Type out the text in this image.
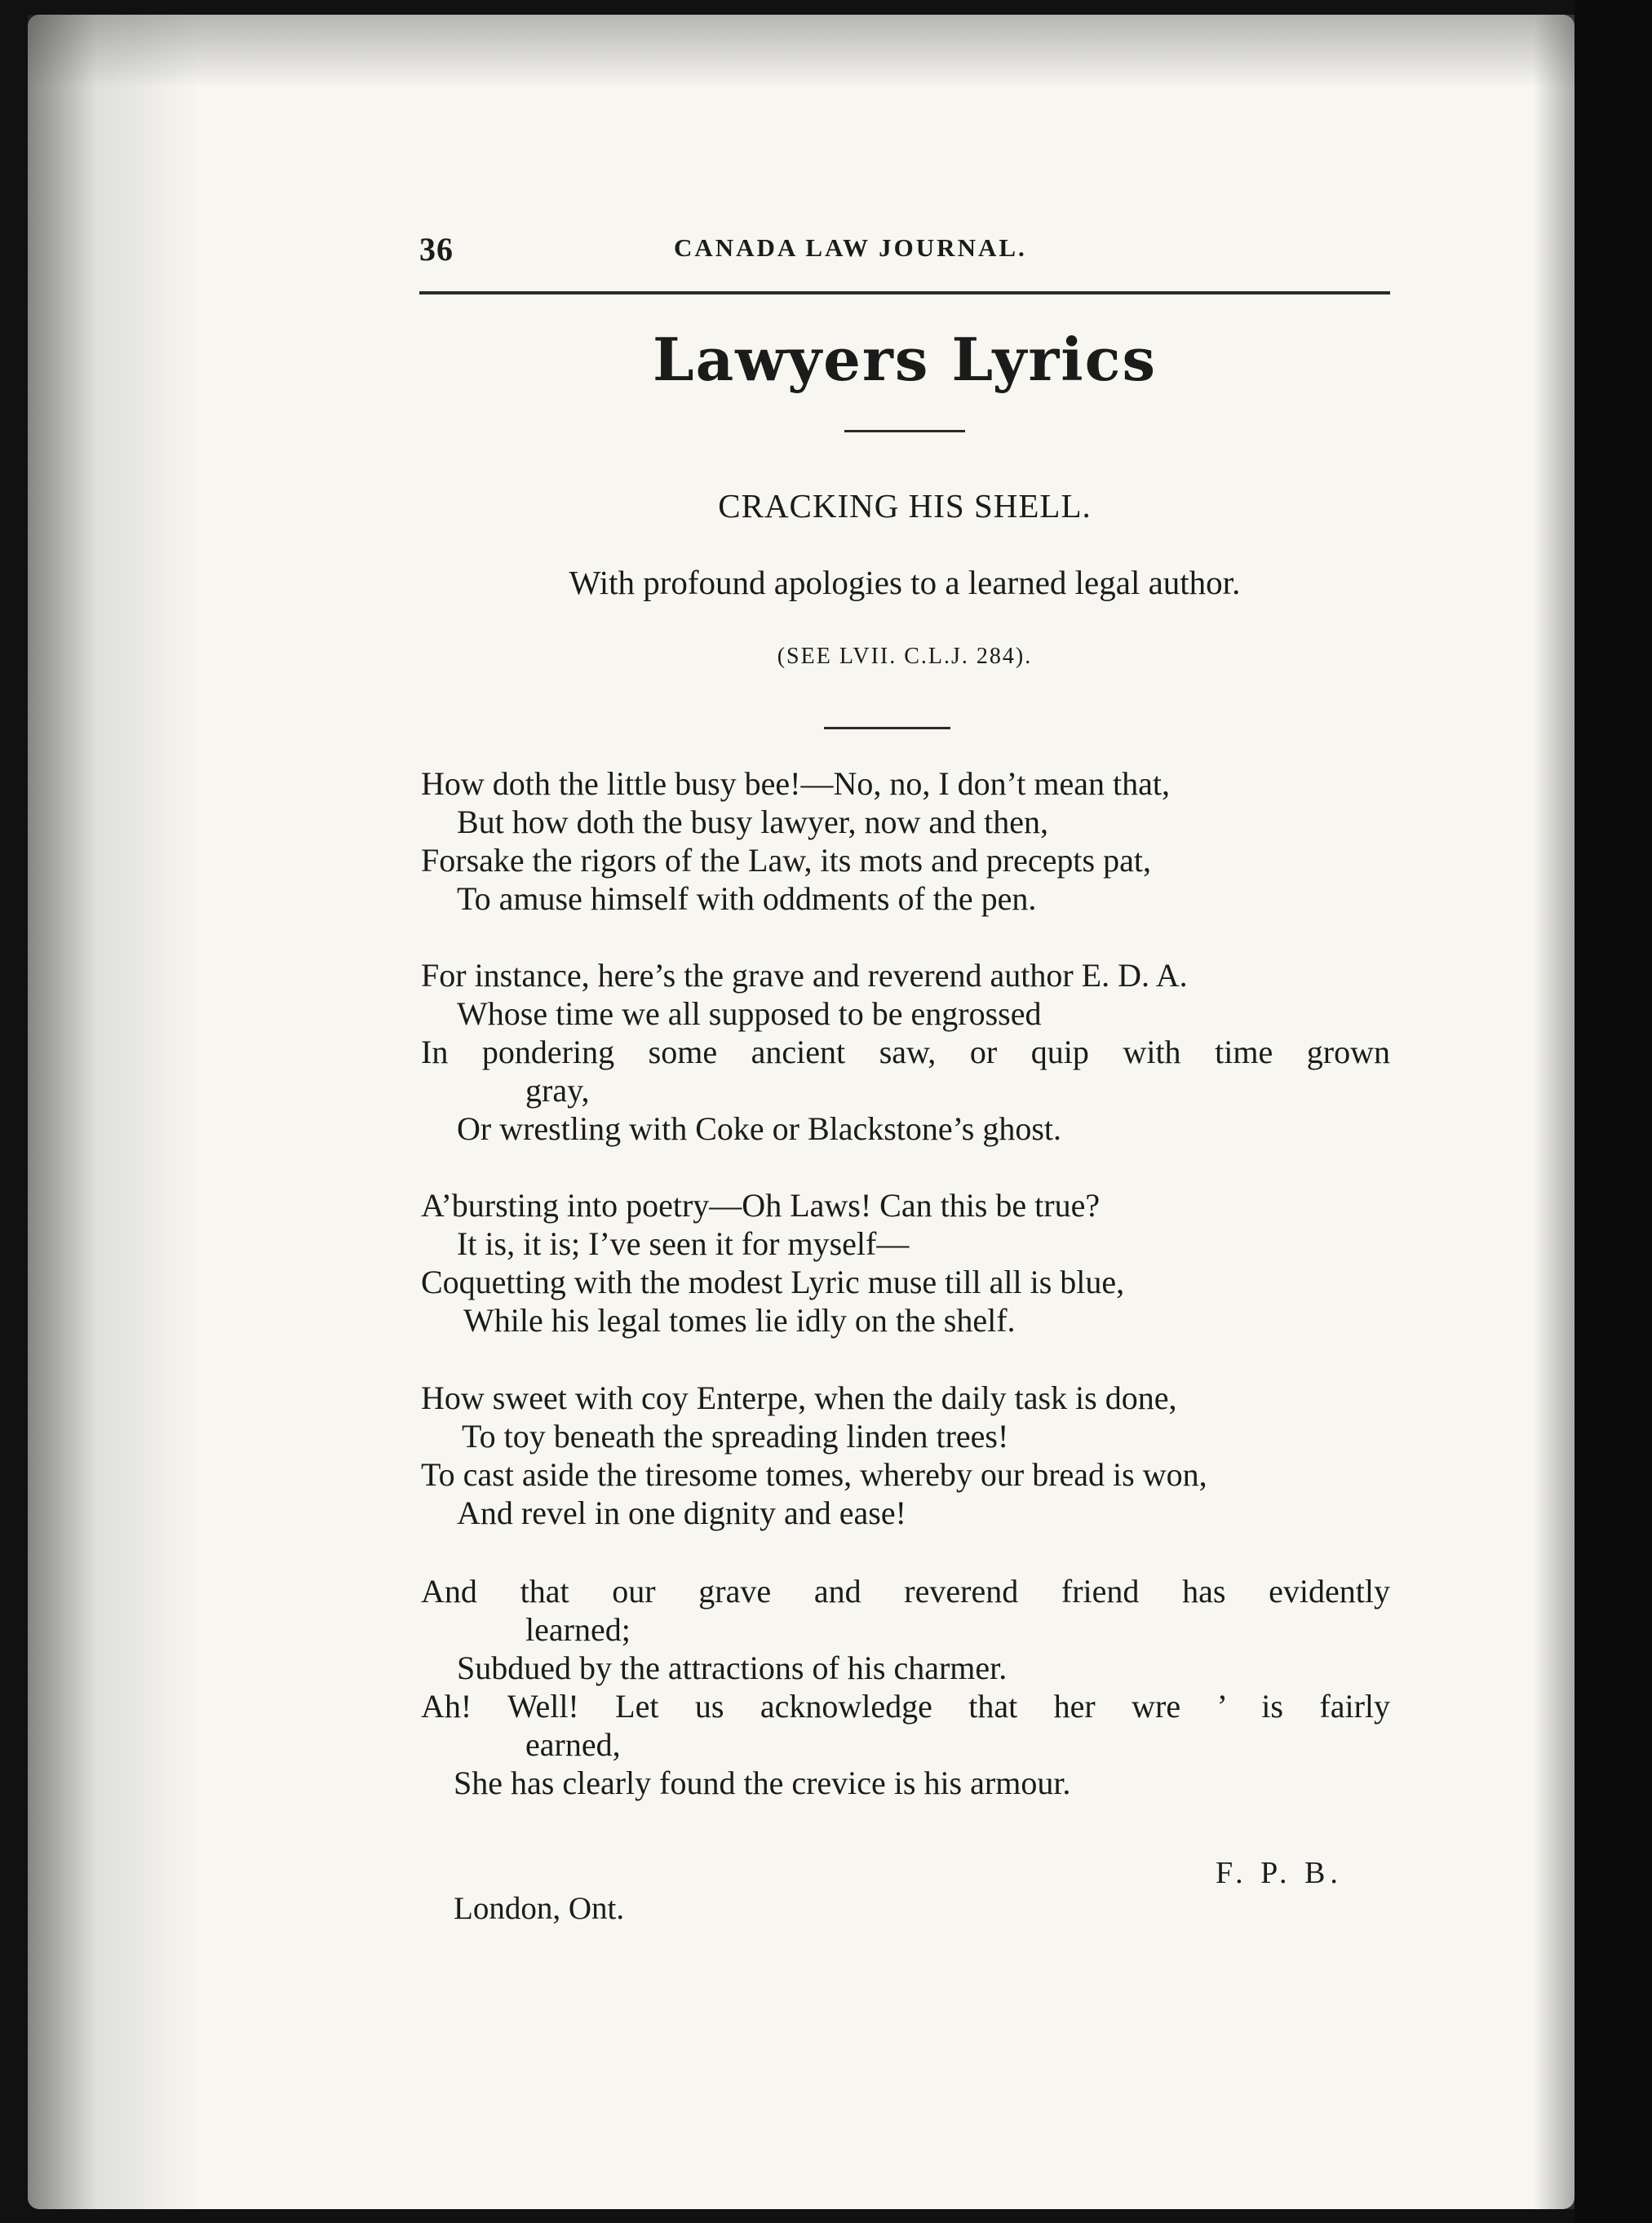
36	CANADA LAW JOURNAL.
Lawyers Lyrics
CRACKING HIS SHELL.
With profound apologies to a learned legal author.
(SEE LVII. C.L.J. 284).
How doth the little busy bee!—No, no, I don’t mean that,
But how doth the busy lawyer, now and then,
Forsake the rigors of the Law, its mots and precepts pat,
To amuse himself with oddments of the pen.
For instance, here’s the grave and reverend author E. D. A.
Whose time we all supposed to be engrossed
In pondering some ancient saw, or quip with time grown
gray,
Or wrestling with Coke or Blackstone’s ghost.
A’bursting into poetry—Oh Laws! Can this be true?
It is, it is; I’ve seen it for myself—
Coquetting with the modest Lyric muse till all is blue,
While his legal tomes lie idly on the shelf.
How sweet with coy Enterpe, when the daily task is done,
To toy beneath the spreading linden trees!
To cast aside the tiresome tomes, whereby our bread is won,
And revel in one dignity and ease!
And that our grave and reverend friend has evidently
learned;
Subdued by the attractions of his charmer.
Ah! Well! Let us acknowledge that her wre ’ is fairly
earned,
She has clearly found the crevice is his armour.
F. P. B.
London, Ont.
